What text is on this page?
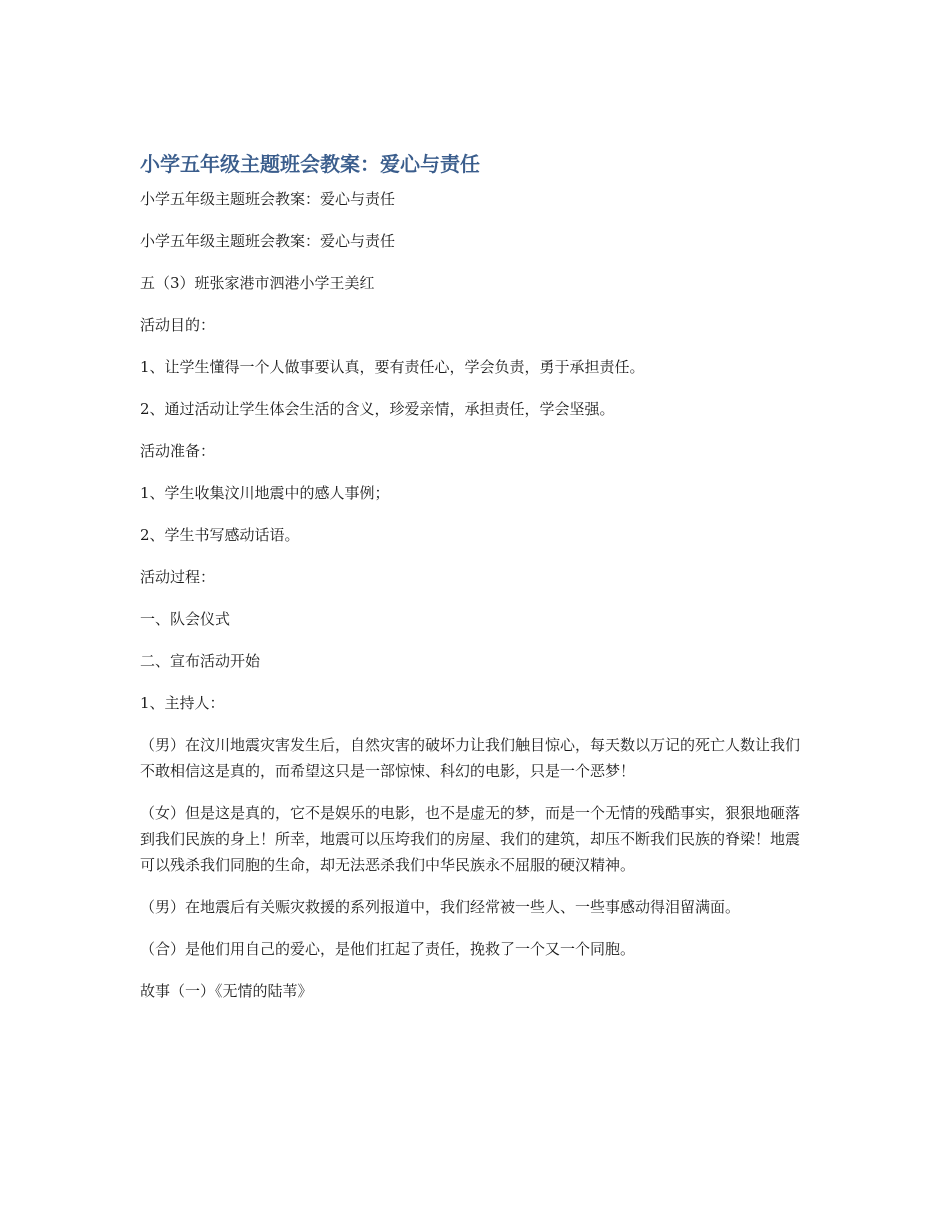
小学五年级主题班会教案：爱心与责任

小学五年级主题班会教案：爱心与责任

小学五年级主题班会教案：爱心与责任

五（3）班张家港市泗港小学王美红

活动目的：

1、让学生懂得一个人做事要认真，要有责任心，学会负责，勇于承担责任。

2、通过活动让学生体会生活的含义，珍爱亲情，承担责任，学会坚强。

活动准备：

1、学生收集汶川地震中的感人事例；

2、学生书写感动话语。

活动过程：

一、队会仪式

二、宣布活动开始

1、主持人：

（男）在汶川地震灾害发生后，自然灾害的破坏力让我们触目惊心，每天数以万记的死亡人数让我们不敢相信这是真的，而希望这只是一部惊悚、科幻的电影，只是一个恶梦！

（女）但是这是真的，它不是娱乐的电影，也不是虚无的梦，而是一个无情的残酷事实，狠狠地砸落到我们民族的身上！所幸，地震可以压垮我们的房屋、我们的建筑，却压不断我们民族的脊梁！地震可以残杀我们同胞的生命，却无法恶杀我们中华民族永不屈服的硬汉精神。

（男）在地震后有关赈灾救援的系列报道中，我们经常被一些人、一些事感动得泪留满面。

（合）是他们用自己的爱心，是他们扛起了责任，挽救了一个又一个同胞。

故事（一）《无情的陆苇》
